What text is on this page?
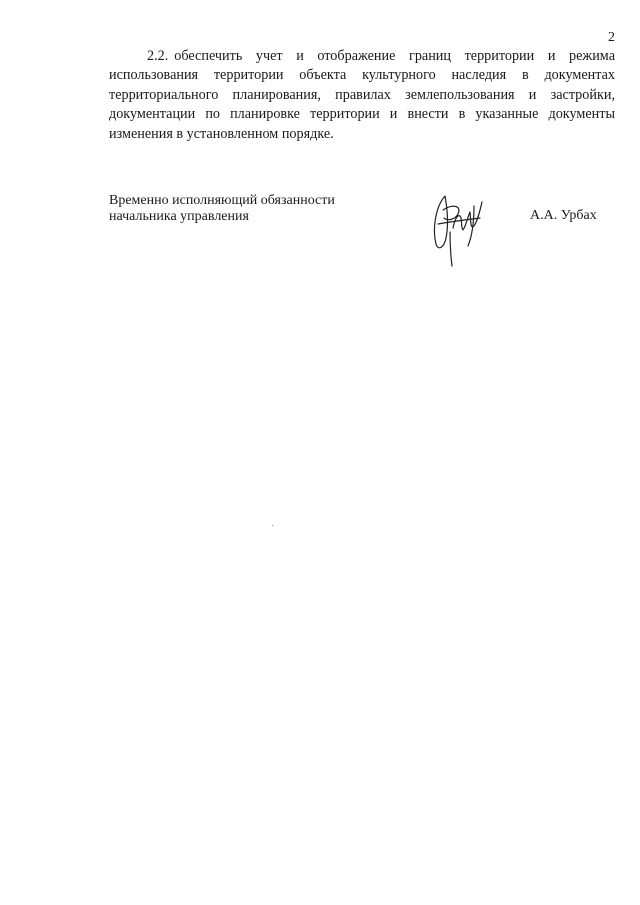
2
2.2. обеспечить учет и отображение границ территории и режима использования территории объекта культурного наследия в документах территориального планирования, правилах землепользования и застройки, документации по планировке территории и внести в указанные документы изменения в установленном порядке.
Временно исполняющий обязанности
начальника управления	А.А. Урбах
